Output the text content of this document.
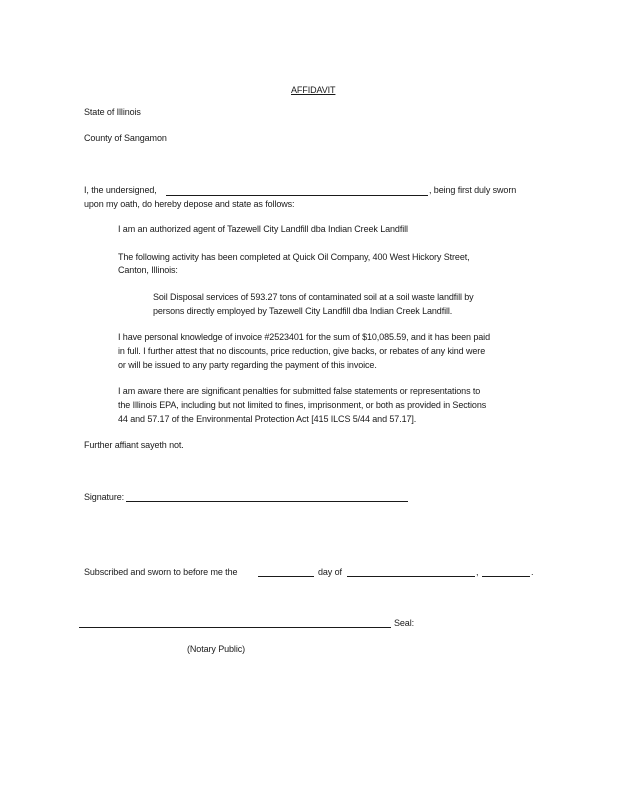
AFFIDAVIT
State of Illinois
County of Sangamon
I, the undersigned,	, being first duly sworn
upon my oath, do hereby depose and state as follows:
I am an authorized agent of Tazewell City Landfill dba Indian Creek Landfill
The following activity has been completed at Quick Oil Company, 400 West Hickory Street,
Canton, Illinois:
Soil Disposal services of 593.27 tons of contaminated soil at a soil waste landfill by
persons directly employed by Tazewell City Landfill dba Indian Creek Landfill.
I have personal knowledge of invoice #2523401 for the sum of $10,085.59, and it has been paid
in full. I further attest that no discounts, price reduction, give backs, or rebates of any kind were
or will be issued to any party regarding the payment of this invoice.
I am aware there are significant penalties for submitted false statements or representations to
the Illinois EPA, including but not limited to fines, imprisonment, or both as provided in Sections
44 and 57.17 of the Environmental Protection Act [415 ILCS 5/44 and 57.17].
Further affiant sayeth not.
Signature:
Subscribed and sworn to before me the	day of	,	.
Seal:
(Notary Public)
